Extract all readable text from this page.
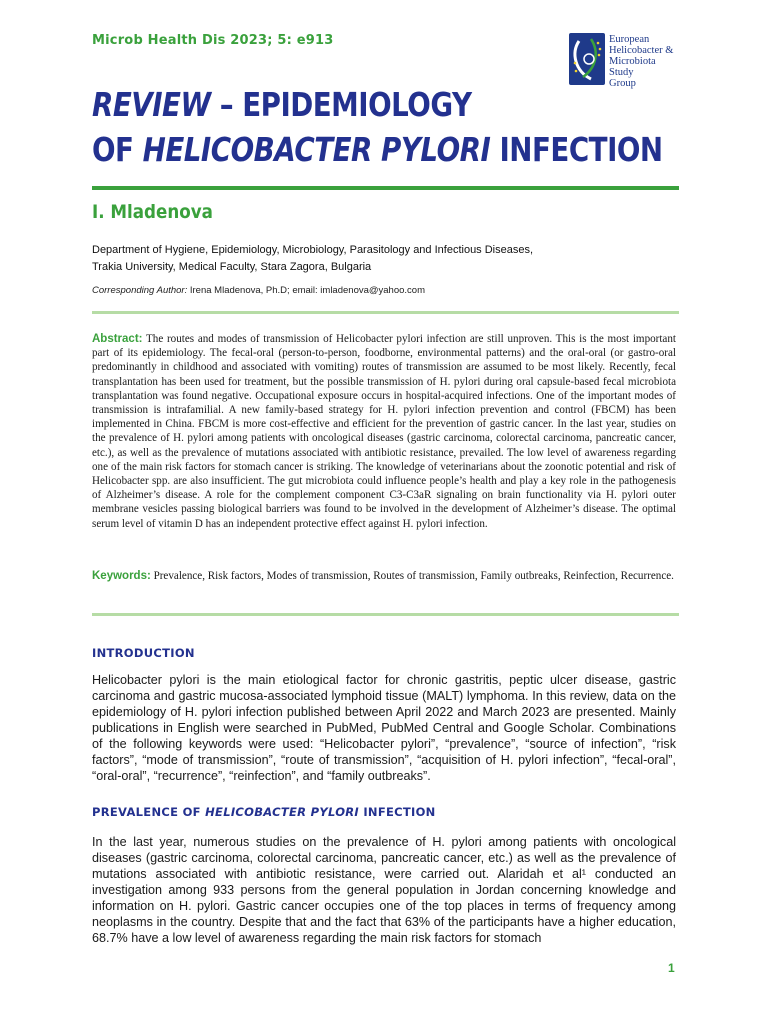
Microb Health Dis 2023; 5: e913	European
Helicobacter &
Microbiota
Study
Group
REVIEW – EPIDEMIOLOGY
OF HELICOBACTER PYLORI INFECTION
I. Mladenova
Department of Hygiene, Epidemiology, Microbiology, Parasitology and Infectious Diseases,
Trakia University, Medical Faculty, Stara Zagora, Bulgaria
Corresponding Author: Irena Mladenova, Ph.D; email: imladenova@yahoo.com
Abstract: The routes and modes of transmission of Helicobacter pylori infection are still unproven. This is the most important part of its epidemiology. The fecal-oral (person-to-person, foodborne, environmental patterns) and the oral-oral (or gastro-oral predominantly in childhood and associated with vomiting) routes of transmission are assumed to be most likely. Recently, fecal transplantation has been used for treatment, but the possible transmission of H. pylori during oral capsule-based fecal microbiota transplantation was found negative. Occupational exposure occurs in hospital-acquired infections. One of the important modes of transmission is intrafamilial. A new family-based strategy for H. pylori infection prevention and control (FBCM) has been implemented in China. FBCM is more cost-effective and efficient for the prevention of gastric cancer. In the last year, studies on the prevalence of H. pylori among patients with oncological diseases (gastric carcinoma, colorectal carcinoma, pancreatic cancer, etc.), as well as the prevalence of mutations associated with antibiotic resistance, prevailed. The low level of awareness regarding one of the main risk factors for stomach cancer is striking. The knowledge of veterinarians about the zoonotic potential and risk of Helicobacter spp. are also insufficient. The gut microbiota could influence people’s health and play a key role in the pathogenesis of Alzheimer’s disease. A role for the complement component C3-C3aR signaling on brain functionality via H. pylori outer membrane vesicles passing biological barriers was found to be involved in the development of Alzheimer’s disease. The optimal serum level of vitamin D has an independent protective effect against H. pylori infection.
Keywords: Prevalence, Risk factors, Modes of transmission, Routes of transmission, Family outbreaks, Reinfection, Recurrence.
INTRODUCTION
Helicobacter pylori is the main etiological factor for chronic gastritis, peptic ulcer disease, gastric carcinoma and gastric mucosa-associated lymphoid tissue (MALT) lymphoma. In this review, data on the epidemiology of H. pylori infection published between April 2022 and March 2023 are presented. Mainly publications in English were searched in PubMed, PubMed Central and Google Scholar. Combinations of the following keywords were used: “Helicobacter pylori”, “prevalence”, “source of infection”, “risk factors”, “mode of transmission”, “route of transmission”, “acquisition of H. pylori infection”, “fecal-oral”, “oral-oral”, “recurrence”, “reinfection”, and “family outbreaks”.
PREVALENCE OF HELICOBACTER PYLORI INFECTION
In the last year, numerous studies on the prevalence of H. pylori among patients with oncological diseases (gastric carcinoma, colorectal carcinoma, pancreatic cancer, etc.) as well as the prevalence of mutations associated with antibiotic resistance, were carried out. Alaridah et al¹ conducted an investigation among 933 persons from the general population in Jordan concerning knowledge and information on H. pylori. Gastric cancer occupies one of the top places in terms of frequency among neoplasms in the country. Despite that and the fact that 63% of the participants have a higher education, 68.7% have a low level of awareness regarding the main risk factors for stomach
1
